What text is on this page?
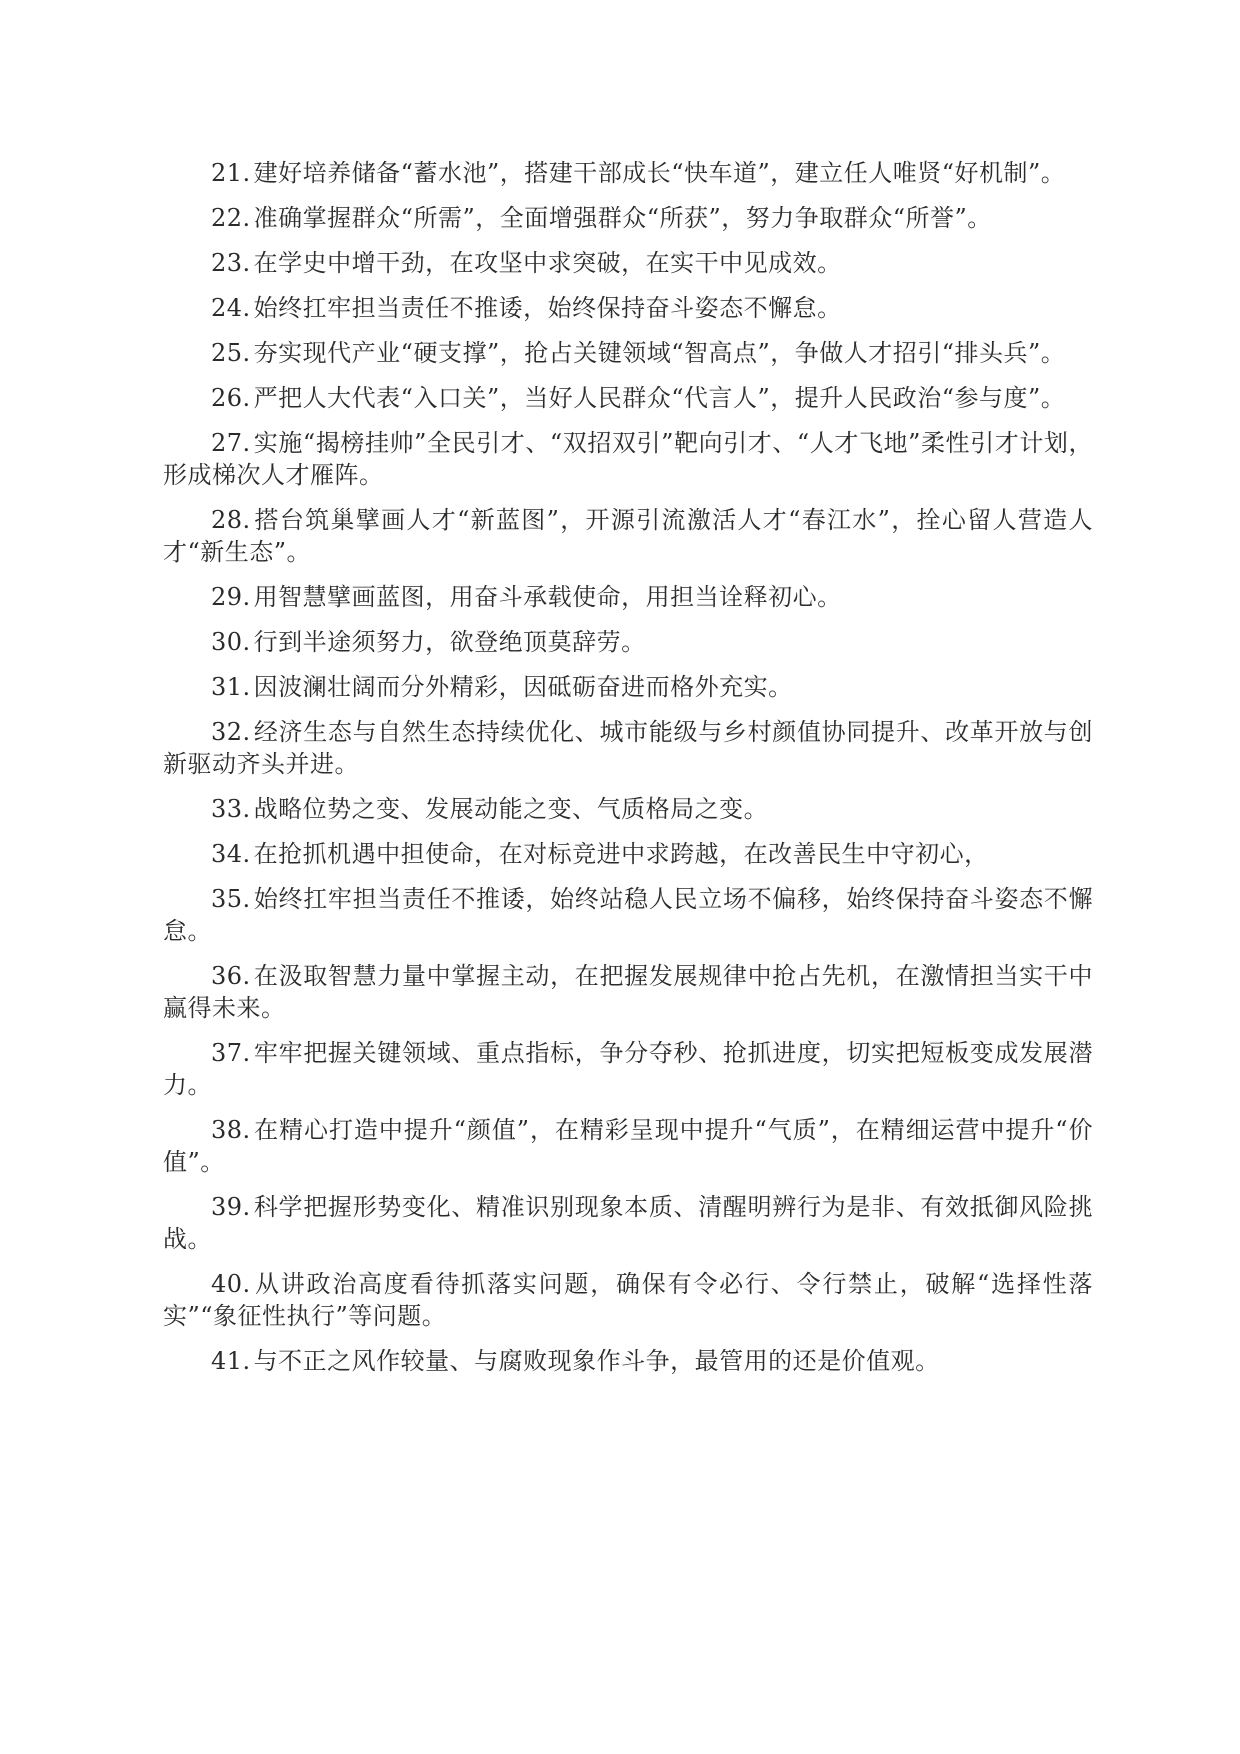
21. 建好培养储备“蓄水池”，搭建干部成长“快车道”，建立任人唯贤“好机制”。

22. 准确掌握群众“所需”，全面增强群众“所获”，努力争取群众“所誉”。

23. 在学史中增干劲，在攻坚中求突破，在实干中见成效。

24. 始终扛牢担当责任不推诿，始终保持奋斗姿态不懈怠。

25. 夯实现代产业“硬支撑”，抢占关键领域“智高点”，争做人才招引“排头兵”。

26. 严把人大代表“入口关”，当好人民群众“代言人”，提升人民政治“参与度”。

27. 实施“揭榜挂帅”全民引才、“双招双引”靶向引才、“人才飞地”柔性引才计划，形成梯次人才雁阵。

28. 搭台筑巢擘画人才“新蓝图”，开源引流激活人才“春江水”，拴心留人营造人才“新生态”。

29. 用智慧擘画蓝图，用奋斗承载使命，用担当诠释初心。

30. 行到半途须努力，欲登绝顶莫辞劳。

31. 因波澜壮阔而分外精彩，因砥砺奋进而格外充实。

32. 经济生态与自然生态持续优化、城市能级与乡村颜值协同提升、改革开放与创新驱动齐头并进。

33. 战略位势之变、发展动能之变、气质格局之变。

34. 在抢抓机遇中担使命，在对标竞进中求跨越，在改善民生中守初心，

35. 始终扛牢担当责任不推诿，始终站稳人民立场不偏移，始终保持奋斗姿态不懈怠。

36. 在汲取智慧力量中掌握主动，在把握发展规律中抢占先机，在激情担当实干中赢得未来。

37. 牢牢把握关键领域、重点指标，争分夺秒、抢抓进度，切实把短板变成发展潜力。

38. 在精心打造中提升“颜值”，在精彩呈现中提升“气质”，在精细运营中提升“价值”。

39. 科学把握形势变化、精准识别现象本质、清醒明辨行为是非、有效抵御风险挑战。

40. 从讲政治高度看待抓落实问题，确保有令必行、令行禁止，破解“选择性落实”“象征性执行”等问题。

41. 与不正之风作较量、与腐败现象作斗争，最管用的还是价值观。
